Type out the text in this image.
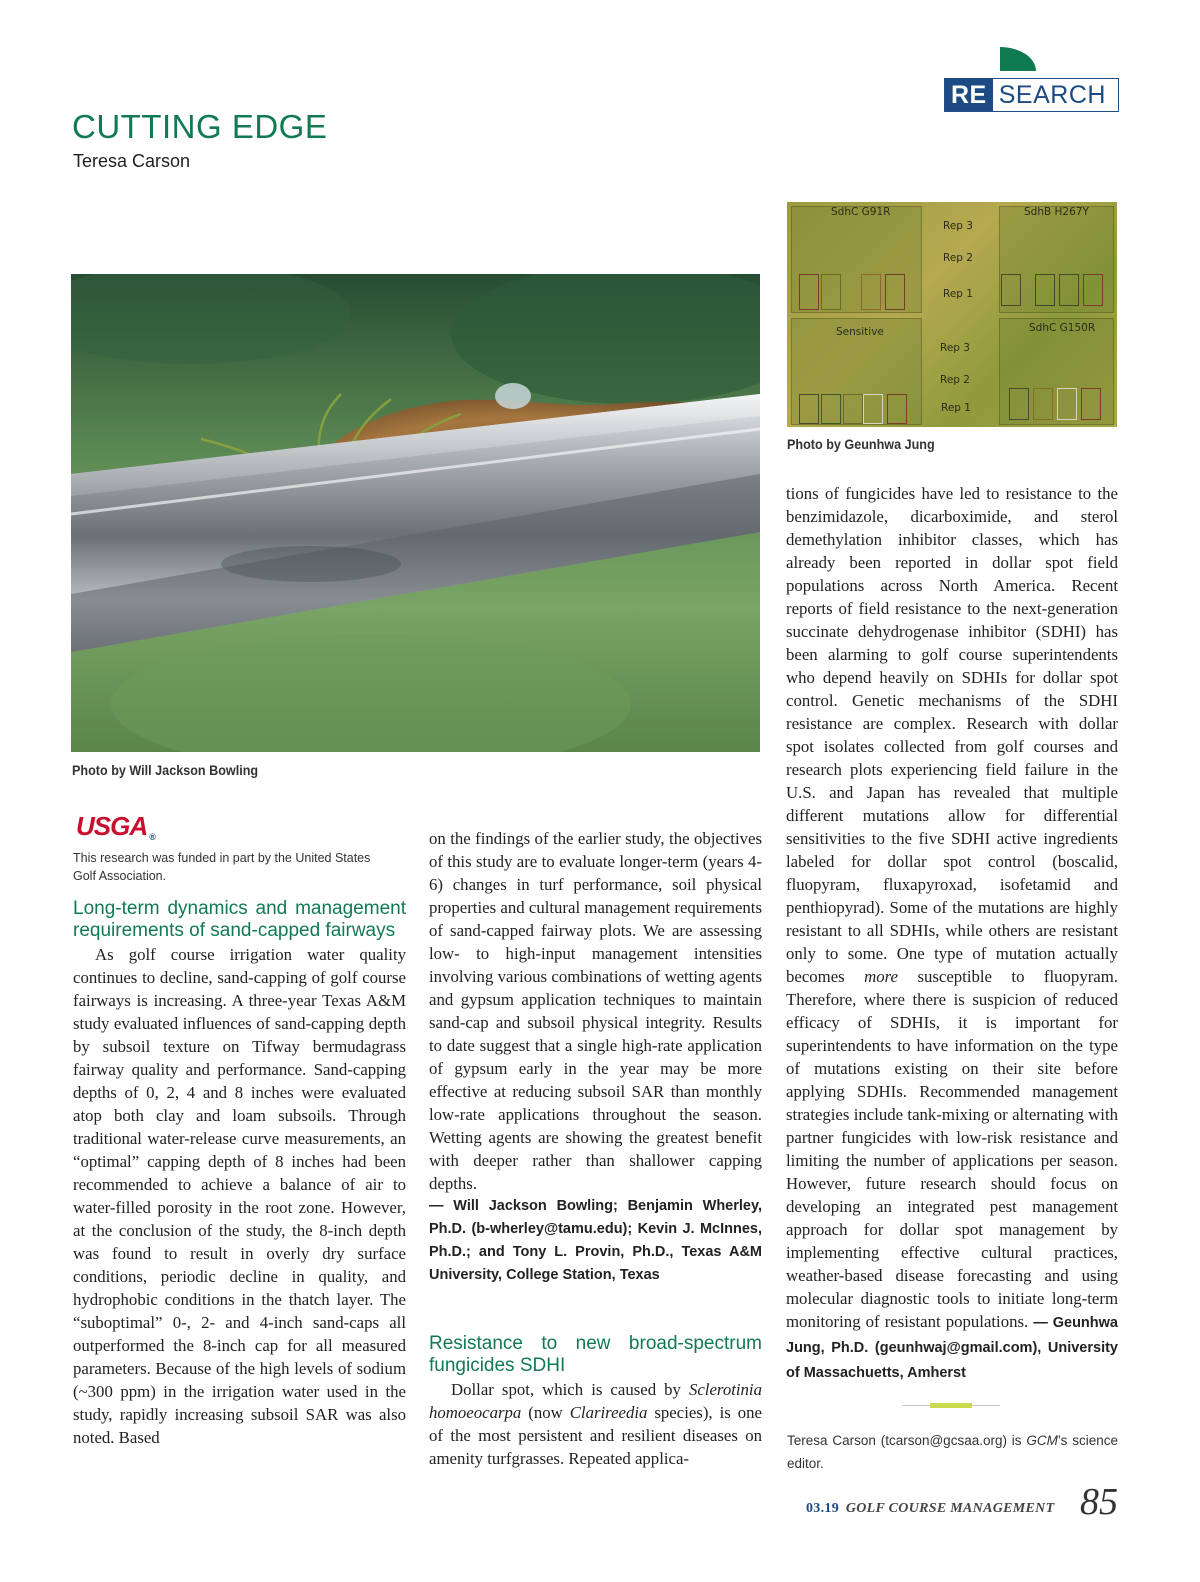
RE SEARCH
CUTTING EDGE
Teresa Carson
Photo by Will Jackson Bowling
SdhC G91R	SdhB H267Y
Sensitive	SdhC G150R
Rep 3
Rep 2
Rep 1
Rep 3
Rep 2
Rep 1
Photo by Geunhwa Jung
USGA ®
This research was funded in part by the United States Golf Association.
Long-term dynamics and management requirements of sand-capped fairways

As golf course irrigation water quality continues to decline, sand-capping of golf course fairways is increasing. A three-year Texas A&M study evaluated influences of sand-capping depth by subsoil texture on Tifway bermudagrass fairway quality and performance. Sand-capping depths of 0, 2, 4 and 8 inches were evaluated atop both clay and loam subsoils. Through traditional water-release curve measurements, an “optimal” capping depth of 8 inches had been recommended to achieve a balance of air to water-filled porosity in the root zone. However, at the conclusion of the study, the 8-inch depth was found to result in overly dry surface conditions, periodic decline in quality, and hydrophobic conditions in the thatch layer. The “suboptimal” 0-, 2- and 4-inch sand-caps all outperformed the 8-inch cap for all measured parameters. Because of the high levels of sodium (~300 ppm) in the irrigation water used in the study, rapidly increasing subsoil SAR was also noted. Based

on the findings of the earlier study, the objectives of this study are to evaluate longer-term (years 4-6) changes in turf performance, soil physical properties and cultural management requirements of sand-capped fairway plots. We are assessing low- to high-input management intensities involving various combinations of wetting agents and gypsum application techniques to maintain sand-cap and subsoil physical integrity. Results to date suggest that a single high-rate application of gypsum early in the year may be more effective at reducing subsoil SAR than monthly low-rate applications throughout the season. Wetting agents are showing the greatest benefit with deeper rather than shallower capping depths.

— Will Jackson Bowling; Benjamin Wherley, Ph.D. (b-wherley@tamu.edu); Kevin J. McInnes, Ph.D.; and Tony L. Provin, Ph.D., Texas A&M University, College Station, Texas
Resistance to new broad-spectrum fungicides SDHI

Dollar spot, which is caused by Sclerotinia homoeocarpa (now Clarireedia species), is one of the most persistent and resilient diseases on amenity turfgrasses. Repeated applica-

tions of fungicides have led to resistance to the benzimidazole, dicarboximide, and sterol demethylation inhibitor classes, which has already been reported in dollar spot field populations across North America. Recent reports of field resistance to the next-generation succinate dehydrogenase inhibitor (SDHI) has been alarming to golf course superintendents who depend heavily on SDHIs for dollar spot control. Genetic mechanisms of the SDHI resistance are complex. Research with dollar spot isolates collected from golf courses and research plots experiencing field failure in the U.S. and Japan has revealed that multiple different mutations allow for differential sensitivities to the five SDHI active ingredients labeled for dollar spot control (boscalid, fluopyram, fluxapyroxad, isofetamid and penthiopyrad). Some of the mutations are highly resistant to all SDHIs, while others are resistant only to some. One type of mutation actually becomes more susceptible to fluopyram. Therefore, where there is suspicion of reduced efficacy of SDHIs, it is important for superintendents to have information on the type of mutations existing on their site before applying SDHIs. Recommended management strategies include tank-mixing or alternating with partner fungicides with low-risk resistance and limiting the number of applications per season. However, future research should focus on developing an integrated pest management approach for dollar spot management by implementing effective cultural practices, weather-based disease forecasting and using molecular diagnostic tools to initiate long-term monitoring of resistant populations. — Geunhwa Jung, Ph.D. (geunhwaj@gmail.com), University of Massachuetts, Amherst

Teresa Carson (tcarson@gcsaa.org) is GCM’s science editor.
03.19 GOLF COURSE MANAGEMENT 85
